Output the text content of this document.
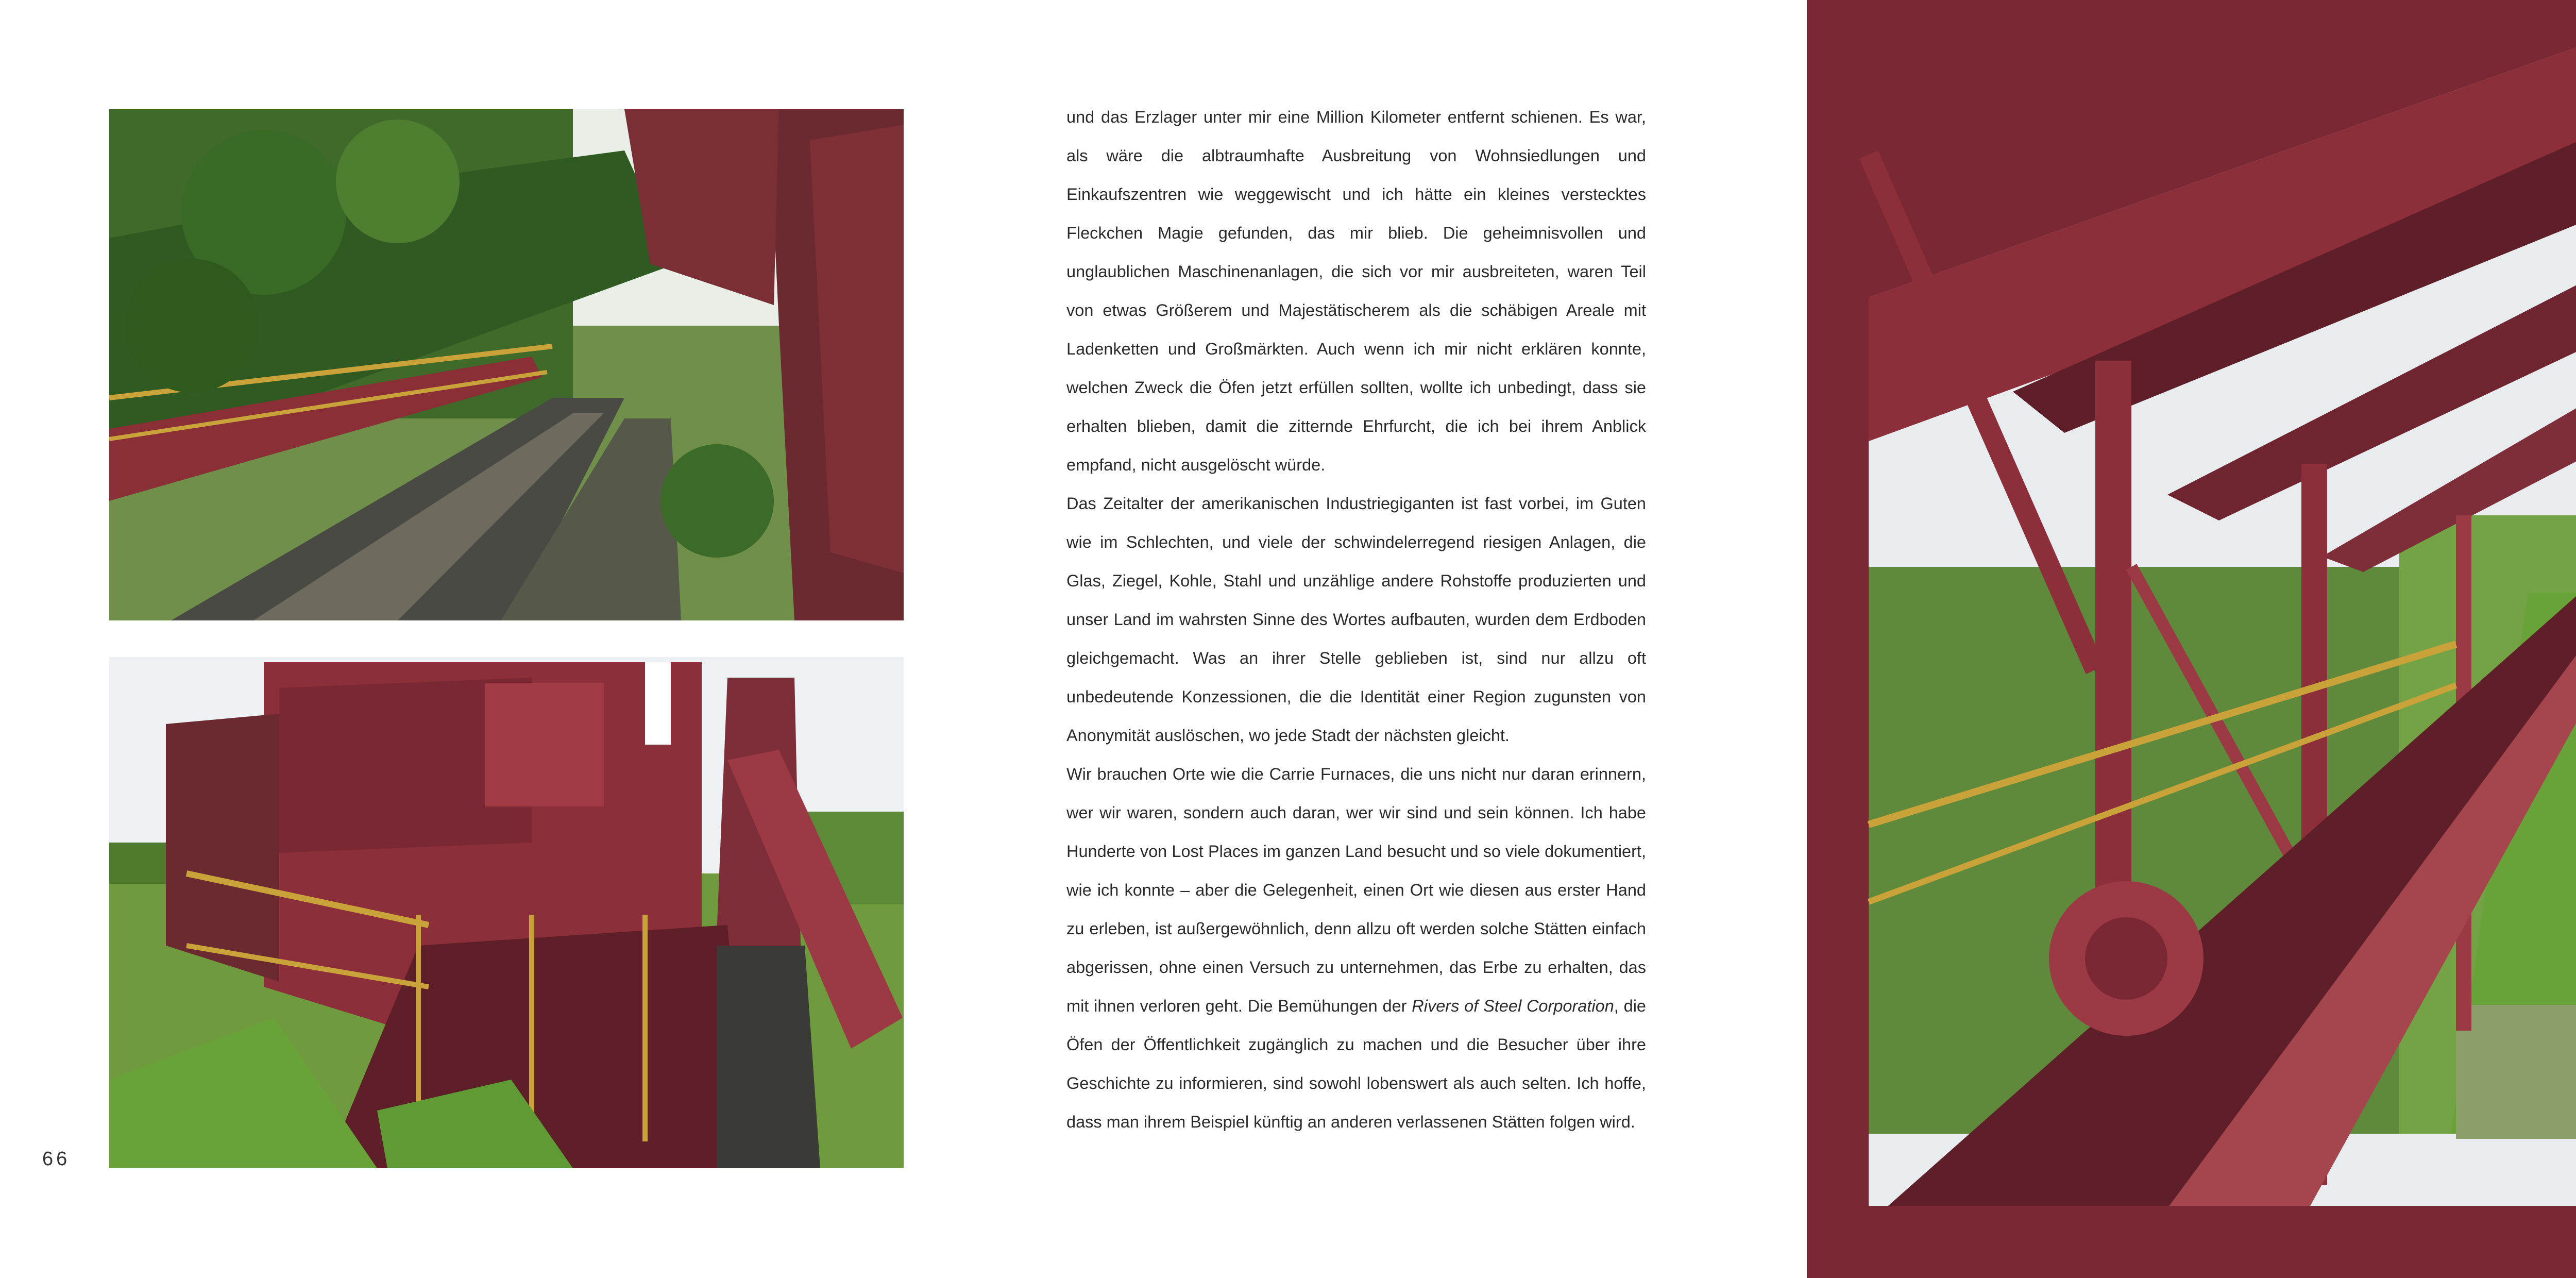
und das Erzlager unter mir eine Million Kilometer entfernt schienen. Es war, als wäre die albtraumhafte Ausbreitung von Wohnsiedlungen und Einkaufszentren wie weggewischt und ich hätte ein kleines verstecktes Fleckchen Magie gefunden, das mir blieb. Die geheimnisvollen und unglaublichen Maschinenanlagen, die sich vor mir ausbreiteten, waren Teil von etwas Größerem und Majestätischerem als die schäbigen Areale mit Ladenketten und Großmärkten. Auch wenn ich mir nicht erklären konnte, welchen Zweck die Öfen jetzt erfüllen sollten, wollte ich unbedingt, dass sie erhalten blieben, damit die zitternde Ehrfurcht, die ich bei ihrem Anblick empfand, nicht ausgelöscht würde.

Das Zeitalter der amerikanischen Industriegiganten ist fast vorbei, im Guten wie im Schlechten, und viele der schwindelerregend riesigen Anlagen, die Glas, Ziegel, Kohle, Stahl und unzählige andere Rohstoffe produzierten und unser Land im wahrsten Sinne des Wortes aufbauten, wurden dem Erdboden gleichgemacht. Was an ihrer Stelle geblieben ist, sind nur allzu oft unbedeutende Konzessionen, die die Identität einer Region zugunsten von Anonymität auslöschen, wo jede Stadt der nächsten gleicht.

Wir brauchen Orte wie die Carrie Furnaces, die uns nicht nur daran erinnern, wer wir waren, sondern auch daran, wer wir sind und sein können. Ich habe Hunderte von Lost Places im ganzen Land besucht und so viele dokumentiert, wie ich konnte – aber die Gelegenheit, einen Ort wie diesen aus erster Hand zu erleben, ist außergewöhnlich, denn allzu oft werden solche Stätten einfach abgerissen, ohne einen Versuch zu unternehmen, das Erbe zu erhalten, das mit ihnen verloren geht. Die Bemühungen der Rivers of Steel Corporation, die Öfen der Öffentlichkeit zugänglich zu machen und die Besucher über ihre Geschichte zu informieren, sind sowohl lobenswert als auch selten. Ich hoffe, dass man ihrem Beispiel künftig an anderen verlassenen Stätten folgen wird.

66
